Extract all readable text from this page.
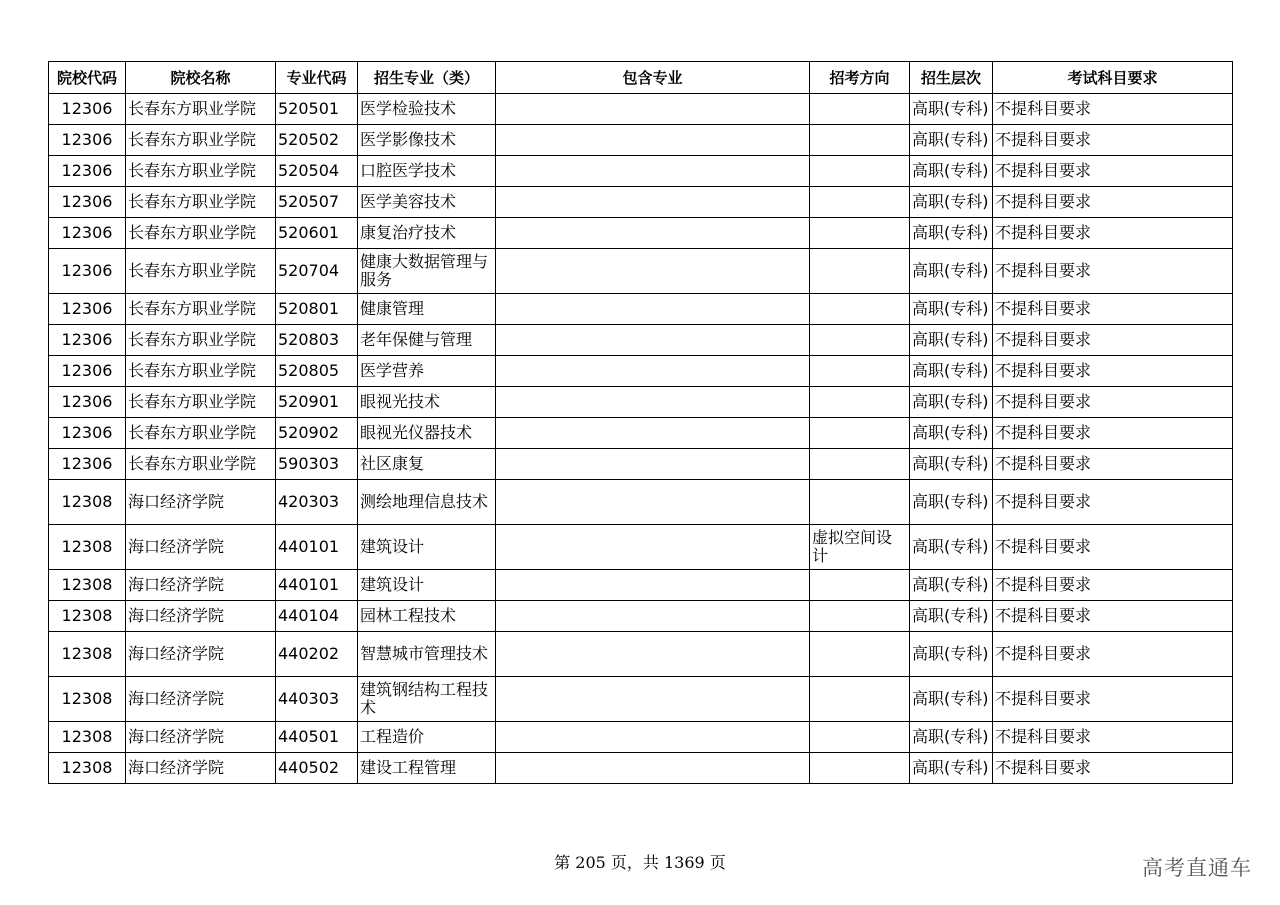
院校代码	院校名称	专业代码	招生专业（类）	包含专业	招考方向	招生层次	考试科目要求
12306	长春东方职业学院	520501	医学检验技术			高职(专科)	不提科目要求
12306	长春东方职业学院	520502	医学影像技术			高职(专科)	不提科目要求
12306	长春东方职业学院	520504	口腔医学技术			高职(专科)	不提科目要求
12306	长春东方职业学院	520507	医学美容技术			高职(专科)	不提科目要求
12306	长春东方职业学院	520601	康复治疗技术			高职(专科)	不提科目要求
12306	长春东方职业学院	520704	健康大数据管理与服务			高职(专科)	不提科目要求
12306	长春东方职业学院	520801	健康管理			高职(专科)	不提科目要求
12306	长春东方职业学院	520803	老年保健与管理			高职(专科)	不提科目要求
12306	长春东方职业学院	520805	医学营养			高职(专科)	不提科目要求
12306	长春东方职业学院	520901	眼视光技术			高职(专科)	不提科目要求
12306	长春东方职业学院	520902	眼视光仪器技术			高职(专科)	不提科目要求
12306	长春东方职业学院	590303	社区康复			高职(专科)	不提科目要求
12308	海口经济学院	420303	测绘地理信息技术			高职(专科)	不提科目要求
12308	海口经济学院	440101	建筑设计		虚拟空间设计	高职(专科)	不提科目要求
12308	海口经济学院	440101	建筑设计			高职(专科)	不提科目要求
12308	海口经济学院	440104	园林工程技术			高职(专科)	不提科目要求
12308	海口经济学院	440202	智慧城市管理技术			高职(专科)	不提科目要求
12308	海口经济学院	440303	建筑钢结构工程技术			高职(专科)	不提科目要求
12308	海口经济学院	440501	工程造价			高职(专科)	不提科目要求
12308	海口经济学院	440502	建设工程管理			高职(专科)	不提科目要求
第 205 页，共 1369 页	高考直通车
